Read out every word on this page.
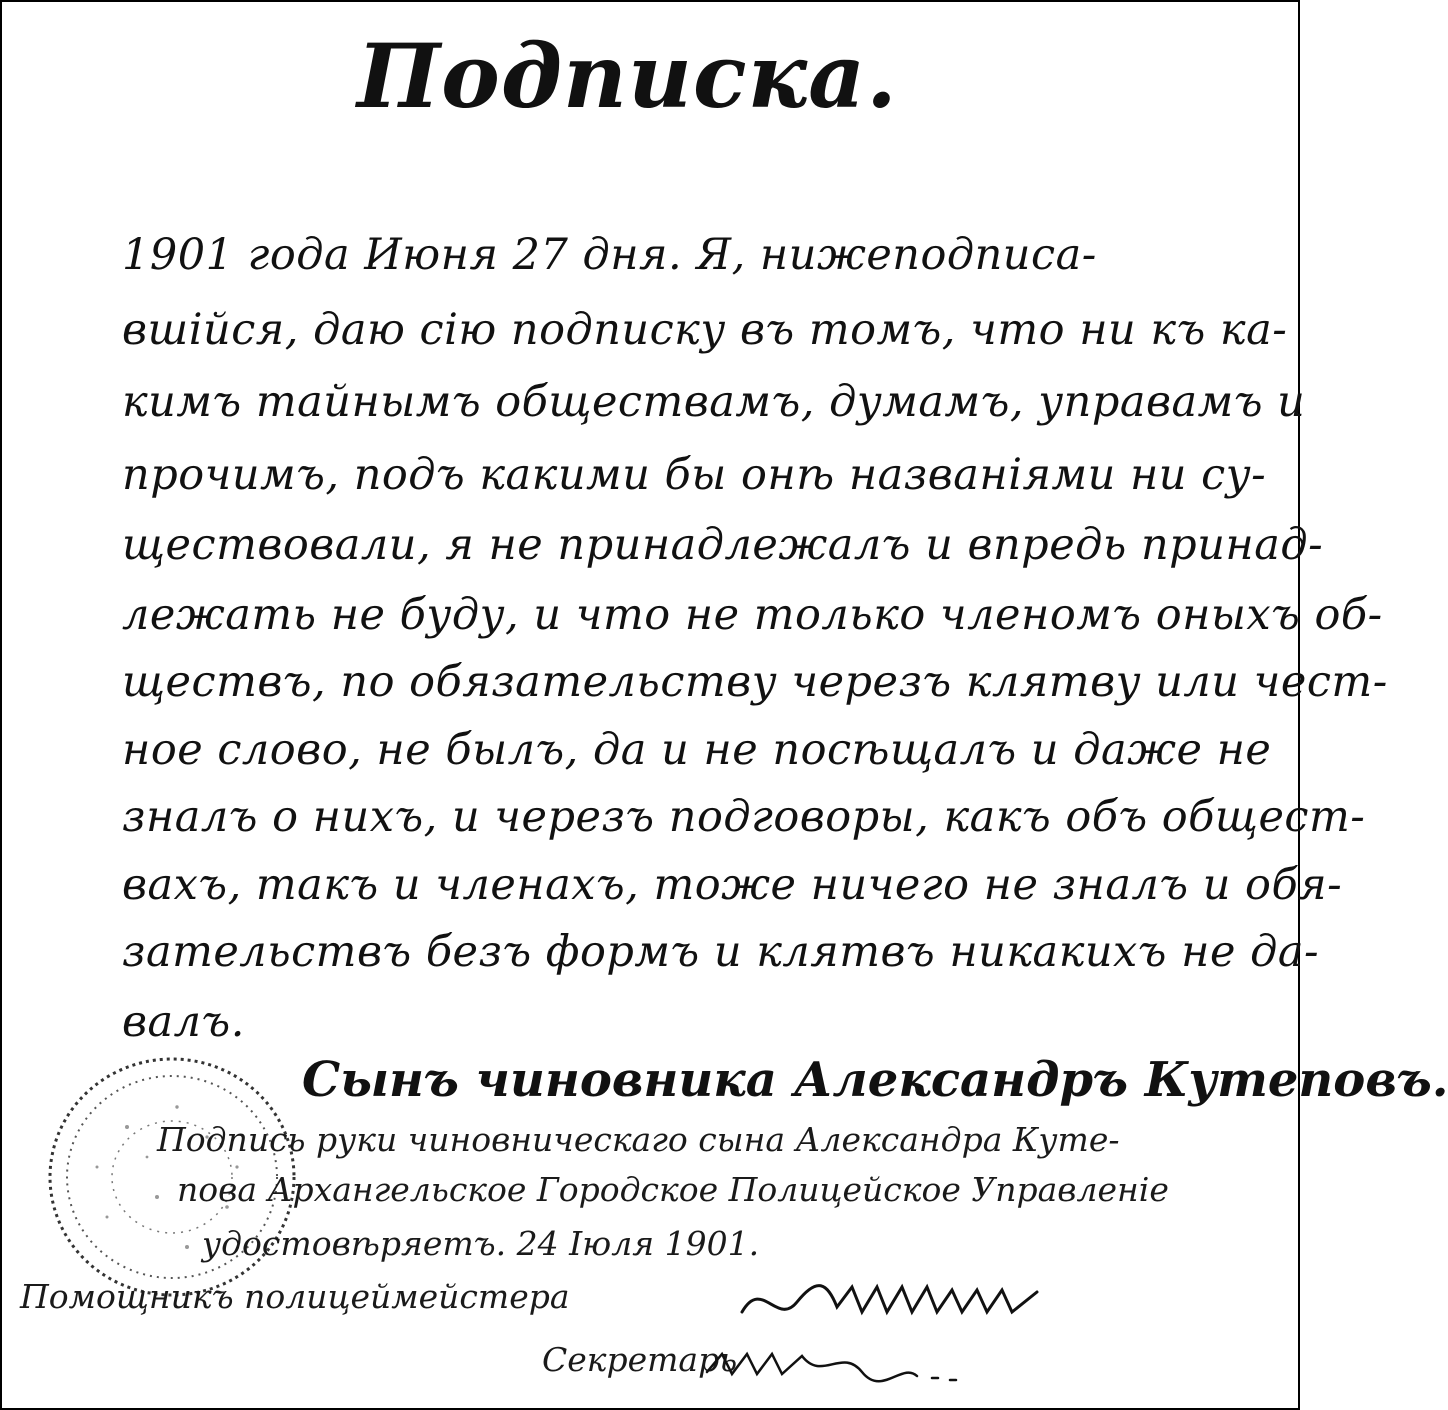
Подписка.

1901 года Июня 27 дня. Я, нижеподписа-

вшійся, даю сію подписку въ томъ, что ни къ ка-

кимъ тайнымъ обществамъ, думамъ, управамъ и

прочимъ, подъ какими бы онѣ названіями ни су-

ществовали, я не принадлежалъ и впредь принад-

лежать не буду, и что не только членомъ оныхъ об-

ществъ, по обязательству черезъ клятву или чест-

ное слово, не былъ, да и не посѣщалъ и даже не

зналъ о нихъ, и черезъ подговоры, какъ объ общест-

вахъ, такъ и членахъ, тоже ничего не зналъ и обя-

зательствъ безъ формъ и клятвъ никакихъ не да-

валъ.

Сынъ чиновника Александръ Кутеповъ.

Подпись руки чиновническаго сына Александра Куте-

пова Архангельское Городское Полицейское Управленіе

удостовѣряетъ. 24 Іюля 1901.

Помощникъ полицеймейстера

Секретарь
